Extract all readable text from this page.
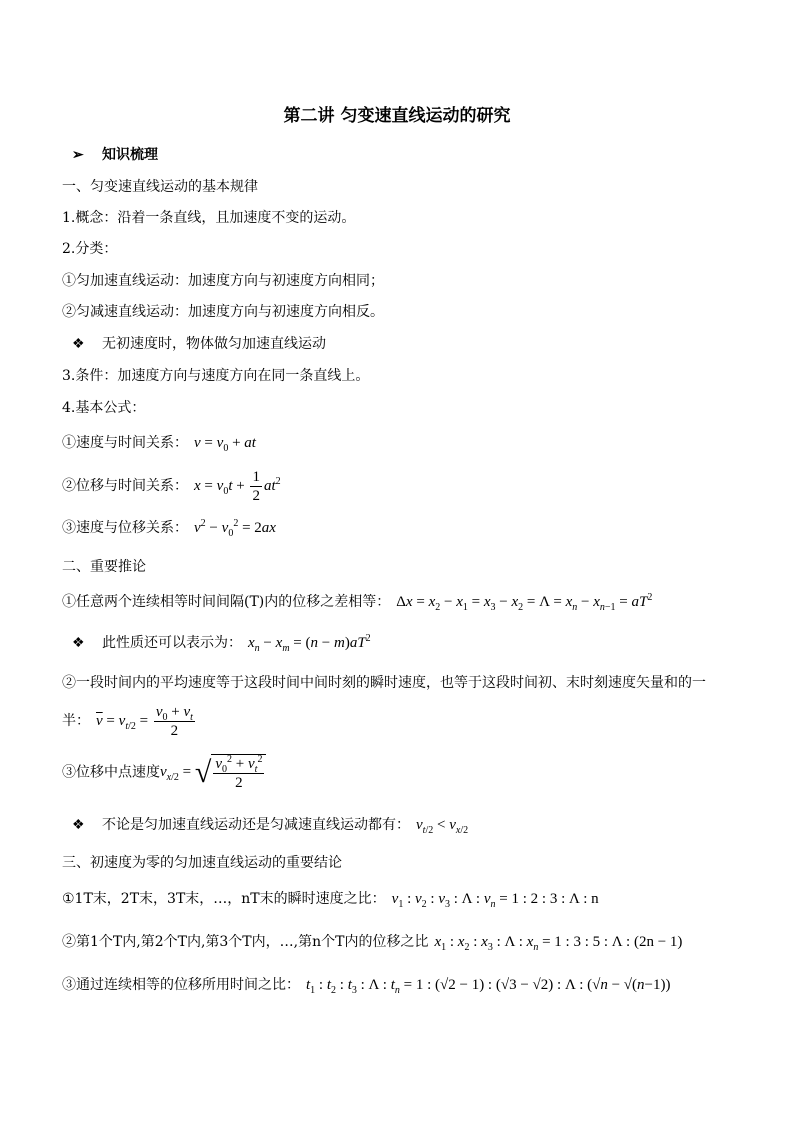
第二讲 匀变速直线运动的研究
➢ 知识梳理
一、匀变速直线运动的基本规律
1.概念：沿着一条直线，且加速度不变的运动。
2.分类：
①匀加速直线运动：加速度方向与初速度方向相同；
②匀减速直线运动：加速度方向与初速度方向相反。
❖ 无初速度时，物体做匀加速直线运动
3.条件：加速度方向与速度方向在同一条直线上。
4.基本公式：
①速度与时间关系： $v = v_0$ + at
②位移与时间关系： $x = v_0t + \frac{1}{2} at^2$
③速度与位移关系： $v^2 - v_0^2 = 2ax$
二、重要推论
①任意两个连续相等时间间隔(T)内的位移之差相等： $\Delta x = x_2 - x_1 = x_3 - x_2 = \Lambda = x_n - x_{n-1} = aT^2$
❖ 此性质还可以表示为： $x_n - x_m = (n - m)aT^2$
②一段时间内的平均速度等于这段时间中间时刻的瞬时速度，也等于这段时间初、末时刻速度矢量和的一
半： $\overline{v} = v_{t/2} = \frac{v_0 + v_t}{2}$
③位移中点速度$v_{x/2}$ = √ $\frac{v_0^2 + v_t^2}{2}$
❖ 不论是匀加速直线运动还是匀减速直线运动都有： $v_{t/2} < v_{x/2}$
三、初速度为零的匀加速直线运动的重要结论
①1T末，2T末，3T末，…，nT末的瞬时速度之比： $v_1$ : $v_2$ : $v_3$ : Λ : $v_n = 1$ : 2 : 3 : Λ : n
②第1个T内,第2个T内,第3个T内，…,第n个T内的位移之比 $x_1$ : $x_2$ : $x_3$ : Λ : $x_n = 1$ : 3 : 5 : Λ : (2n − 1)
③通过连续相等的位移所用时间之比： $t_1$ : $t_2$ : $t_3$ : Λ : $t_n = 1$ : (√2 − 1) : (√3 − √2) : Λ : (√n − √(n−1))
